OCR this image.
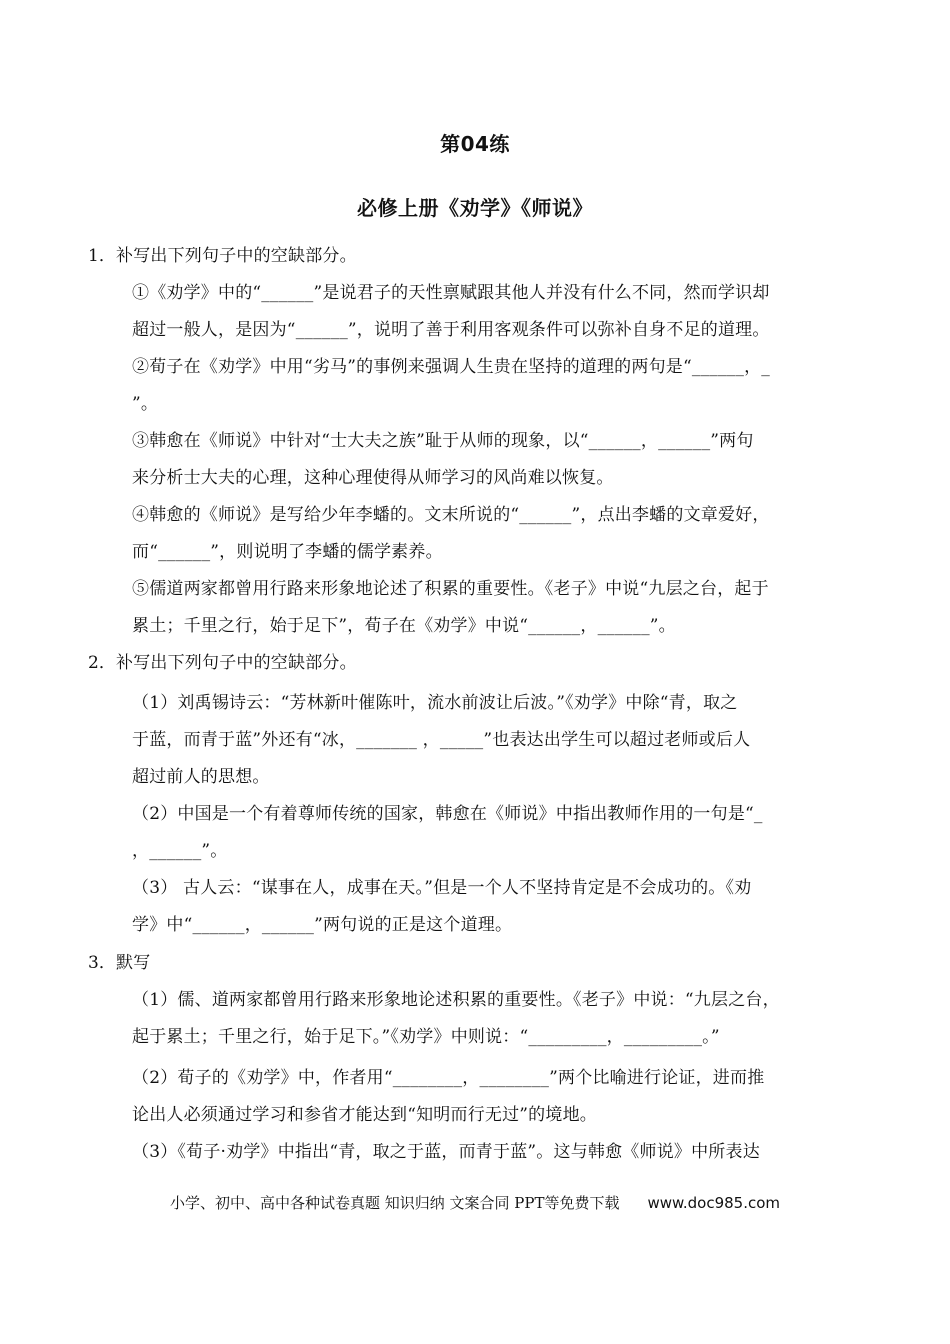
第04练
必修上册《劝学》《师说》
1． 补写出下列句子中的空缺部分。
①《劝学》中的“______”是说君子的天性禀赋跟其他人并没有什么不同，然而学识却
超过一般人，是因为“______”，说明了善于利用客观条件可以弥补自身不足的道理。
②荀子在《劝学》中用“劣马”的事例来强调人生贵在坚持的道理的两句是“______，_
”。
③韩愈在《师说》中针对“士大夫之族”耻于从师的现象，以“______，______”两句
来分析士大夫的心理，这种心理使得从师学习的风尚难以恢复。
④韩愈的《师说》是写给少年李蟠的。文末所说的“______”，点出李蟠的文章爱好，
而“______”，则说明了李蟠的儒学素养。
⑤儒道两家都曾用行路来形象地论述了积累的重要性。《老子》中说“九层之台，起于
累土；千里之行，始于足下”，荀子在《劝学》中说“______，______”。
2． 补写出下列句子中的空缺部分。
（1）刘禹锡诗云：“芳林新叶催陈叶，流水前波让后波。”《劝学》中除“青，取之
于蓝，而青于蓝”外还有“冰，_______ ，_____”也表达出学生可以超过老师或后人
超过前人的思想。
（2）中国是一个有着尊师传统的国家，韩愈在《师说》中指出教师作用的一句是“_
，______”。
（3） 古人云：“谋事在人，成事在天。”但是一个人不坚持肯定是不会成功的。《劝
学》中“______，______”两句说的正是这个道理。
3． 默写
（1）儒、道两家都曾用行路来形象地论述积累的重要性。《老子》中说：“九层之台，
起于累土；千里之行，始于足下。”《劝学》中则说：“_________，_________。”
（2）荀子的《劝学》中，作者用“________，________”两个比喻进行论证，进而推
论出人必须通过学习和参省才能达到“知明而行无过”的境地。
（3）《荀子·劝学》中指出“青，取之于蓝，而青于蓝”。这与韩愈《师说》中所表达
小学、初中、高中各种试卷真题 知识归纳 文案合同 PPT等免费下载 www.doc985.com
